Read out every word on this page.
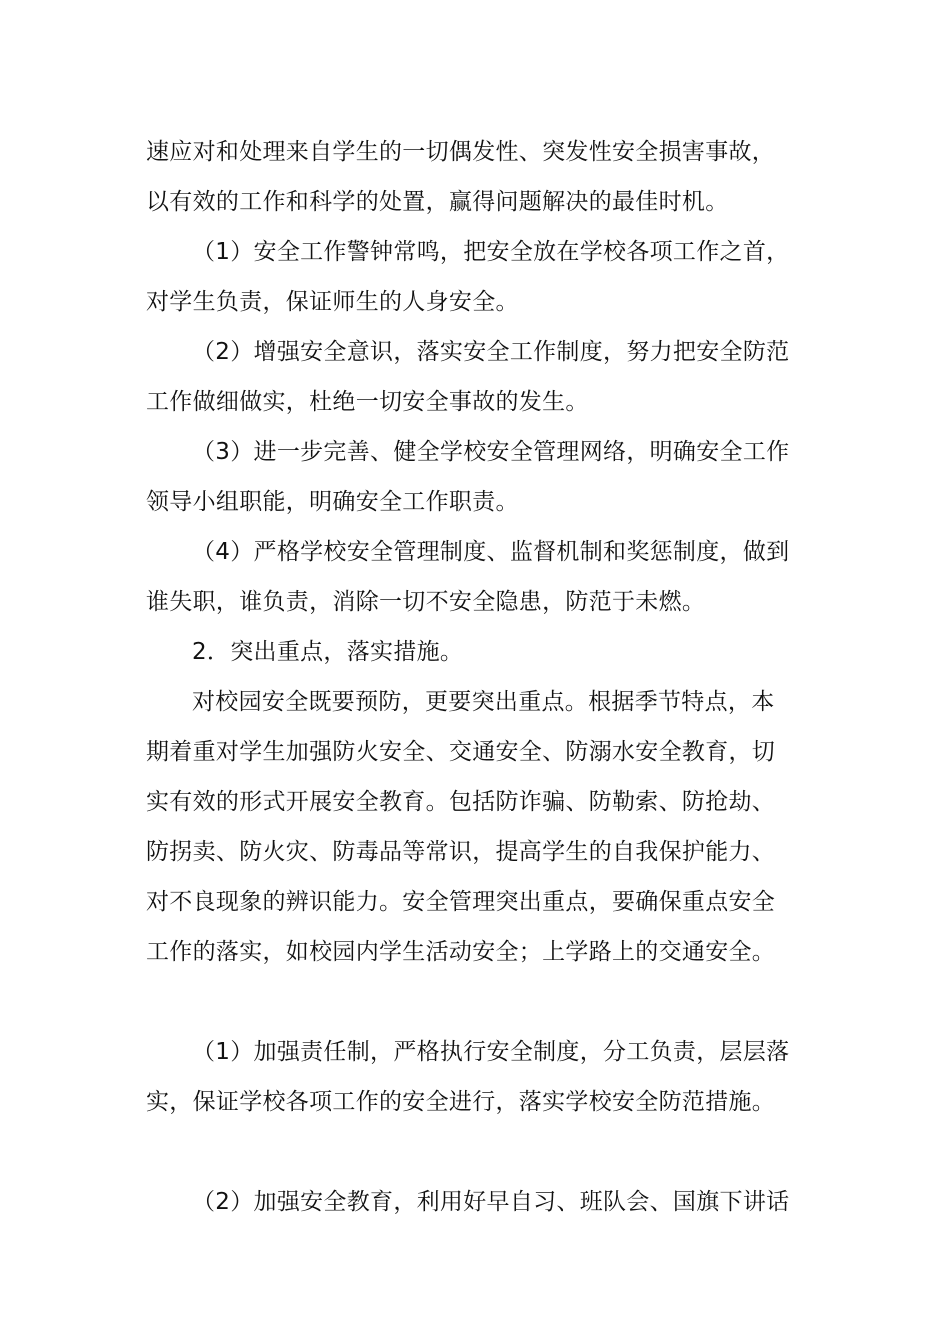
速应对和处理来自学生的一切偶发性、突发性安全损害事故，
以有效的工作和科学的处置，赢得问题解决的最佳时机。
（1）安全工作警钟常鸣，把安全放在学校各项工作之首，
对学生负责，保证师生的人身安全。
（2）增强安全意识，落实安全工作制度，努力把安全防范
工作做细做实，杜绝一切安全事故的发生。
（3）进一步完善、健全学校安全管理网络，明确安全工作
领导小组职能，明确安全工作职责。
（4）严格学校安全管理制度、监督机制和奖惩制度，做到
谁失职，谁负责，消除一切不安全隐患，防范于未燃。
2．突出重点，落实措施。
对校园安全既要预防，更要突出重点。根据季节特点，本
期着重对学生加强防火安全、交通安全、防溺水安全教育，切
实有效的形式开展安全教育。包括防诈骗、防勒索、防抢劫、
防拐卖、防火灾、防毒品等常识，提高学生的自我保护能力、
对不良现象的辨识能力。安全管理突出重点，要确保重点安全
工作的落实，如校园内学生活动安全；上学路上的交通安全。
（1）加强责任制，严格执行安全制度，分工负责，层层落
实，保证学校各项工作的安全进行，落实学校安全防范措施。
（2）加强安全教育，利用好早自习、班队会、国旗下讲话
